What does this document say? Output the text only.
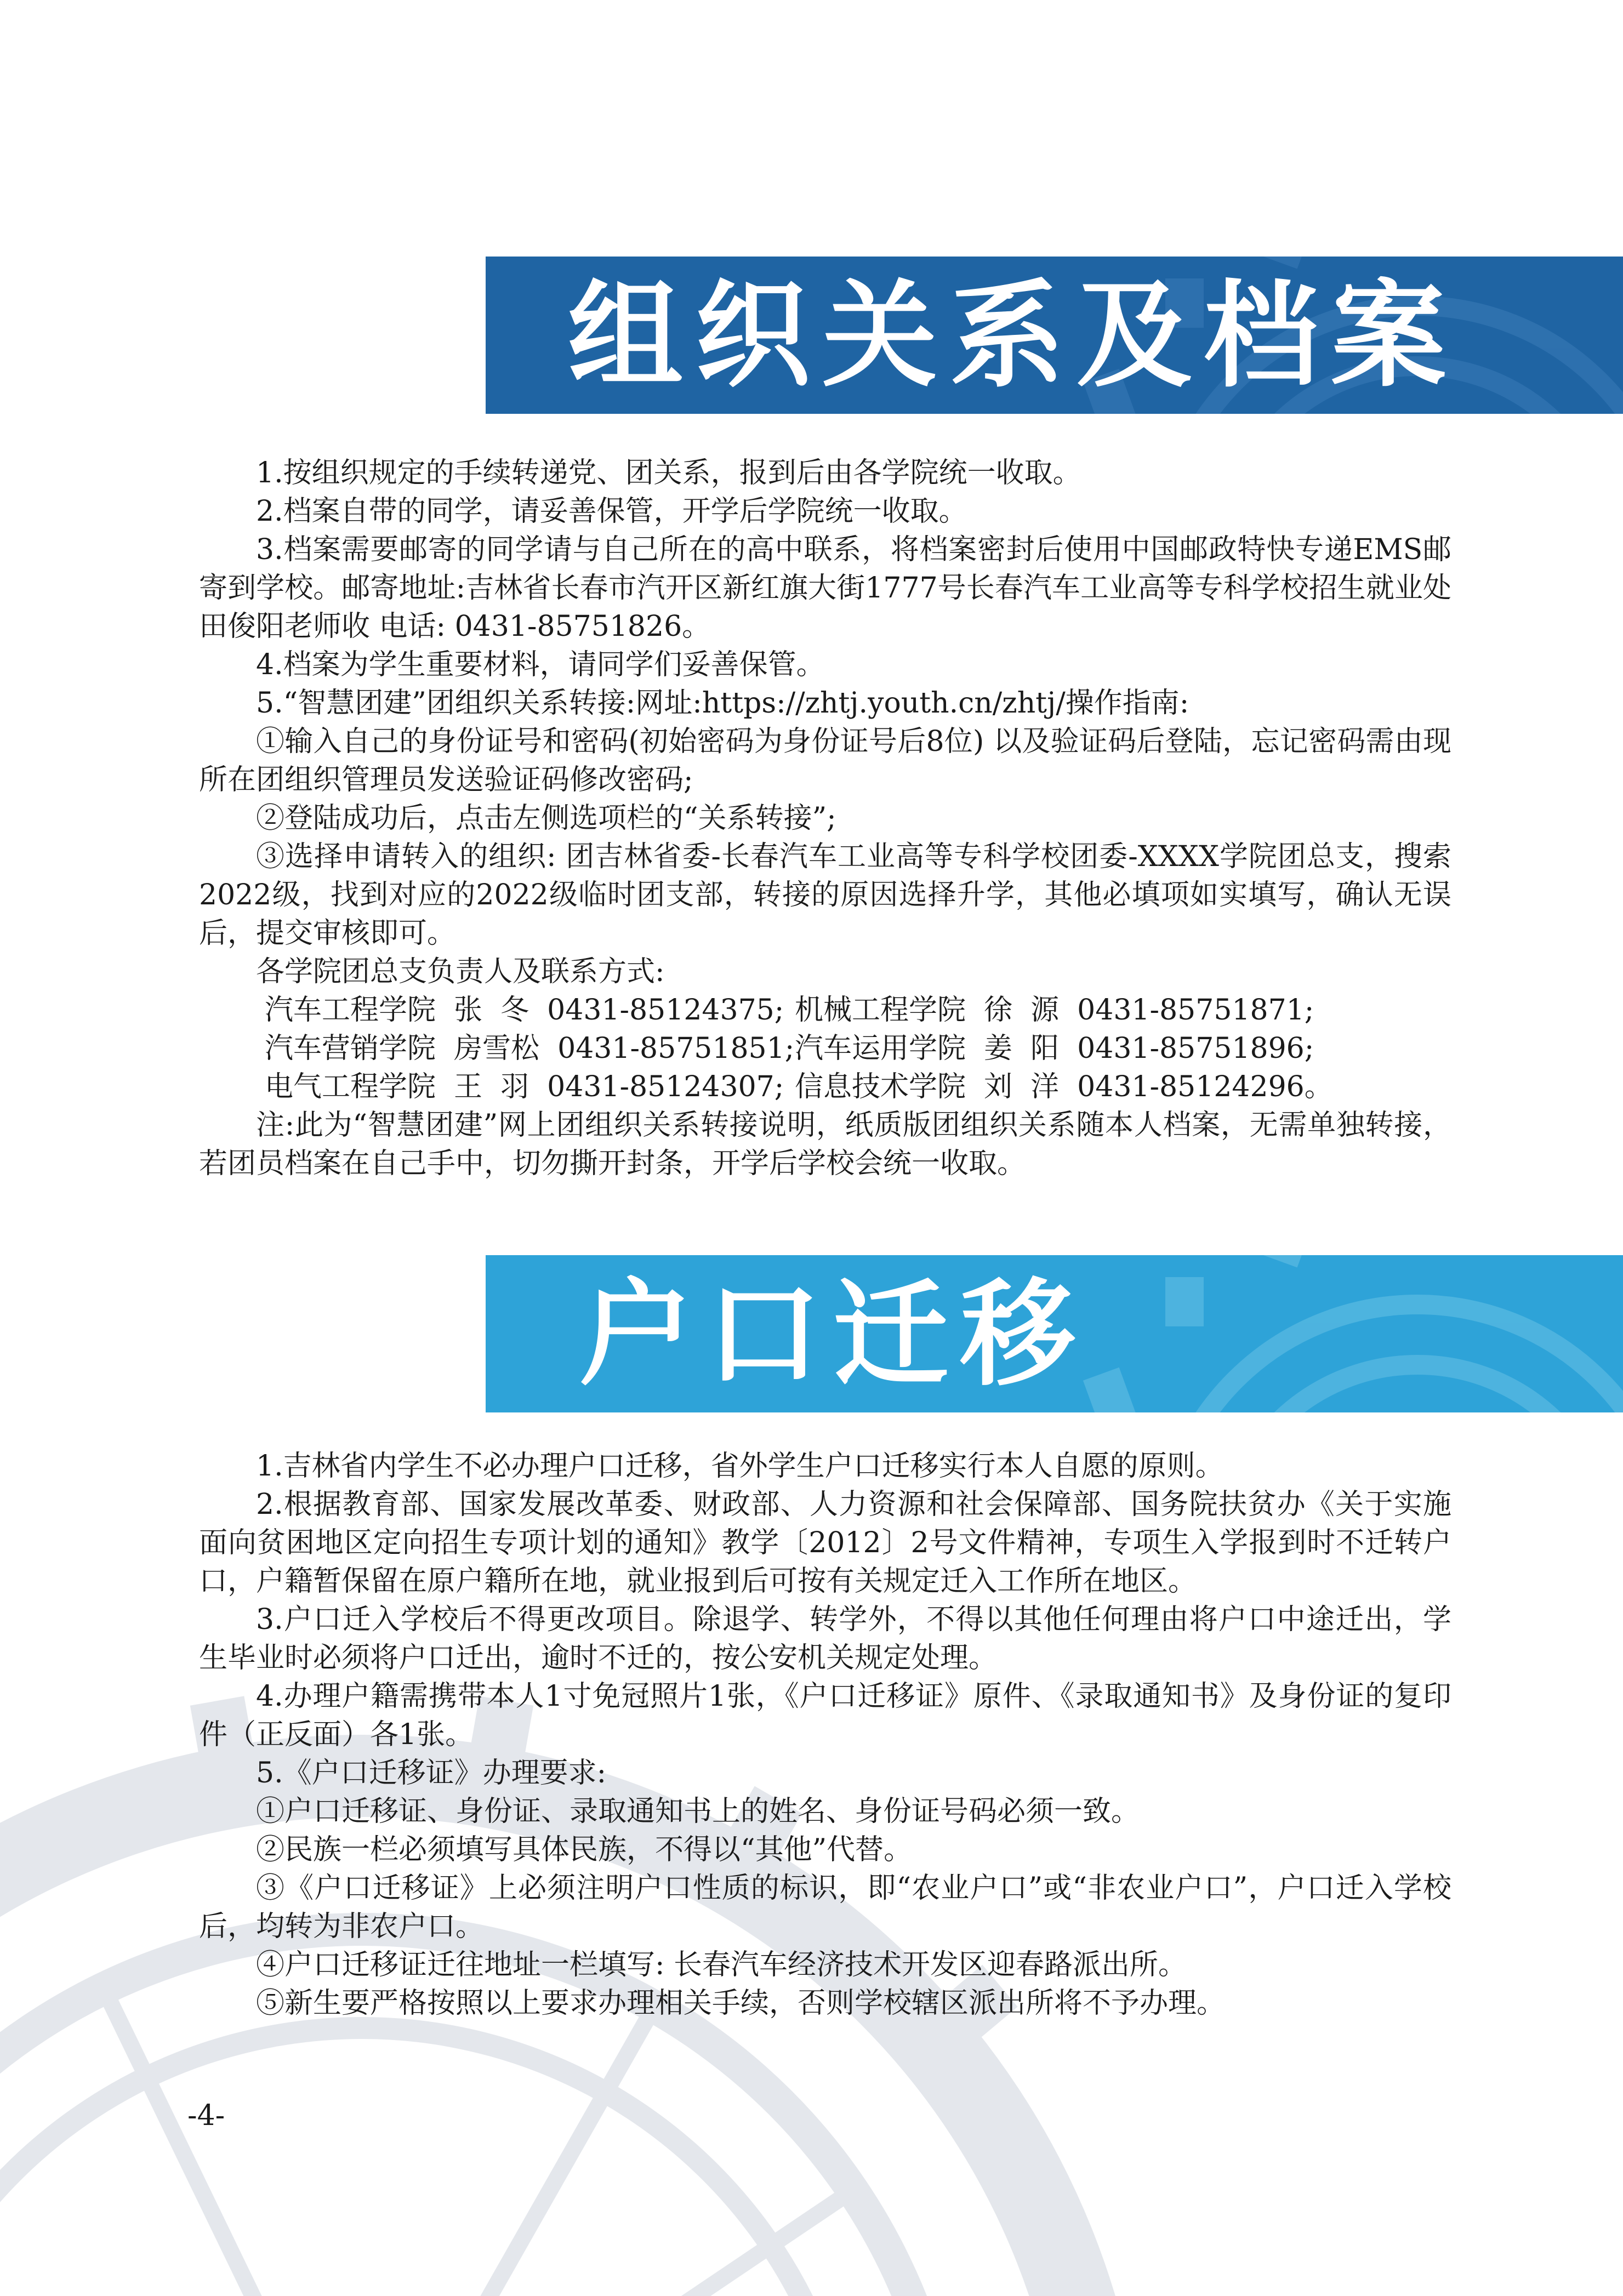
组织关系及档案

1.按组织规定的手续转递党、团关系，报到后由各学院统一收取。

2.档案自带的同学，请妥善保管，开学后学院统一收取。

3.档案需要邮寄的同学请与自己所在的高中联系，将档案密封后使用中国邮政特快专递EMS邮寄到学校。邮寄地址:吉林省长春市汽开区新红旗大街1777号长春汽车工业高等专科学校招生就业处田俊阳老师收 电话: 0431-85751826。

4.档案为学生重要材料，请同学们妥善保管。

5.“智慧团建”团组织关系转接:网址:https://zhtj.youth.cn/zhtj/操作指南:

①输入自己的身份证号和密码(初始密码为身份证号后8位) 以及验证码后登陆，忘记密码需由现所在团组织管理员发送验证码修改密码;

②登陆成功后，点击左侧选项栏的“关系转接”;

③选择申请转入的组织: 团吉林省委-长春汽车工业高等专科学校团委-XXXX学院团总支，搜索2022级，找到对应的2022级临时团支部，转接的原因选择升学，其他必填项如实填写，确认无误后，提交审核即可。

各学院团总支负责人及联系方式:

汽车工程学院  张  冬  0431-85124375; 机械工程学院  徐  源  0431-85751871;
汽车营销学院  房雪松  0431-85751851; 汽车运用学院  姜  阳  0431-85751896;
电气工程学院  王  羽  0431-85124307; 信息技术学院  刘  洋  0431-85124296。

注:此为“智慧团建”网上团组织关系转接说明，纸质版团组织关系随本人档案，无需单独转接，若团员档案在自己手中，切勿撕开封条，开学后学校会统一收取。

户口迁移

1.吉林省内学生不必办理户口迁移，省外学生户口迁移实行本人自愿的原则。

2.根据教育部、国家发展改革委、财政部、人力资源和社会保障部、国务院扶贫办《关于实施面向贫困地区定向招生专项计划的通知》教学〔2012〕2号文件精神，专项生入学报到时不迁转户口，户籍暂保留在原户籍所在地，就业报到后可按有关规定迁入工作所在地区。

3.户口迁入学校后不得更改项目。除退学、转学外，不得以其他任何理由将户口中途迁出，学生毕业时必须将户口迁出，逾时不迁的，按公安机关规定处理。

4.办理户籍需携带本人1寸免冠照片1张，《户口迁移证》原件、《录取通知书》及身份证的复印件（正反面）各1张。

5.《户口迁移证》办理要求:

①户口迁移证、身份证、录取通知书上的姓名、身份证号码必须一致。

②民族一栏必须填写具体民族，不得以“其他”代替。

③《户口迁移证》上必须注明户口性质的标识，即“农业户口”或“非农业户口”，户口迁入学校后，均转为非农户口。

④户口迁移证迁往地址一栏填写: 长春汽车经济技术开发区迎春路派出所。

⑤新生要严格按照以上要求办理相关手续，否则学校辖区派出所将不予办理。

-4-
